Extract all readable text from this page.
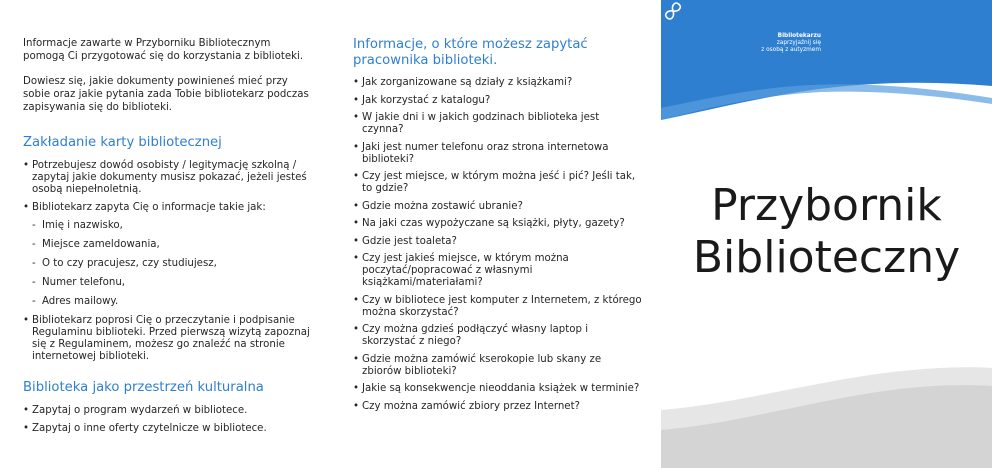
Informacje zawarte w Przyborniku Bibliotecznym pomogą Ci przygotować się do korzystania z biblioteki.

Dowiesz się, jakie dokumenty powinieneś mieć przy sobie oraz jakie pytania zada Tobie bibliotekarz podczas zapisywania się do biblioteki.

Zakładanie karty bibliotecznej
• Potrzebujesz dowód osobisty / legitymację szkolną / zapytaj jakie dokumenty musisz pokazać, jeżeli jesteś osobą niepełnoletnią.
• Bibliotekarz zapyta Cię o informacje takie jak:
- Imię i nazwisko,
- Miejsce zameldowania,
- O to czy pracujesz, czy studiujesz,
- Numer telefonu,
- Adres mailowy.
• Bibliotekarz poprosi Cię o przeczytanie i podpisanie Regulaminu biblioteki. Przed pierwszą wizytą zapoznaj się z Regulaminem, możesz go znaleźć na stronie internetowej biblioteki.
Biblioteka jako przestrzeń kulturalna
• Zapytaj o program wydarzeń w bibliotece.
• Zapytaj o inne oferty czytelnicze w bibliotece.
Informacje, o które możesz zapytać pracownika biblioteki.
• Jak zorganizowane są działy z książkami?
• Jak korzystać z katalogu?
• W jakie dni i w jakich godzinach biblioteka jest czynna?
• Jaki jest numer telefonu oraz strona internetowa biblioteki?
• Czy jest miejsce, w którym można jeść i pić? Jeśli tak, to gdzie?
• Gdzie można zostawić ubranie?
• Na jaki czas wypożyczane są książki, płyty, gazety?
• Gdzie jest toaleta?
• Czy jest jakieś miejsce, w którym można poczytać/popracować z własnymi książkami/materiałami?
• Czy w bibliotece jest komputer z Internetem, z którego można skorzystać?
• Czy można gdzieś podłączyć własny laptop i skorzystać z niego?
• Gdzie można zamówić kserokopie lub skany ze zbiorów biblioteki?
• Jakie są konsekwencje nieoddania książek w terminie?
• Czy można zamówić zbiory przez Internet?
Bibliotekarzu
zaprzyjaźnij się
z osobą z autyzmem
Przybornik
Biblioteczny
